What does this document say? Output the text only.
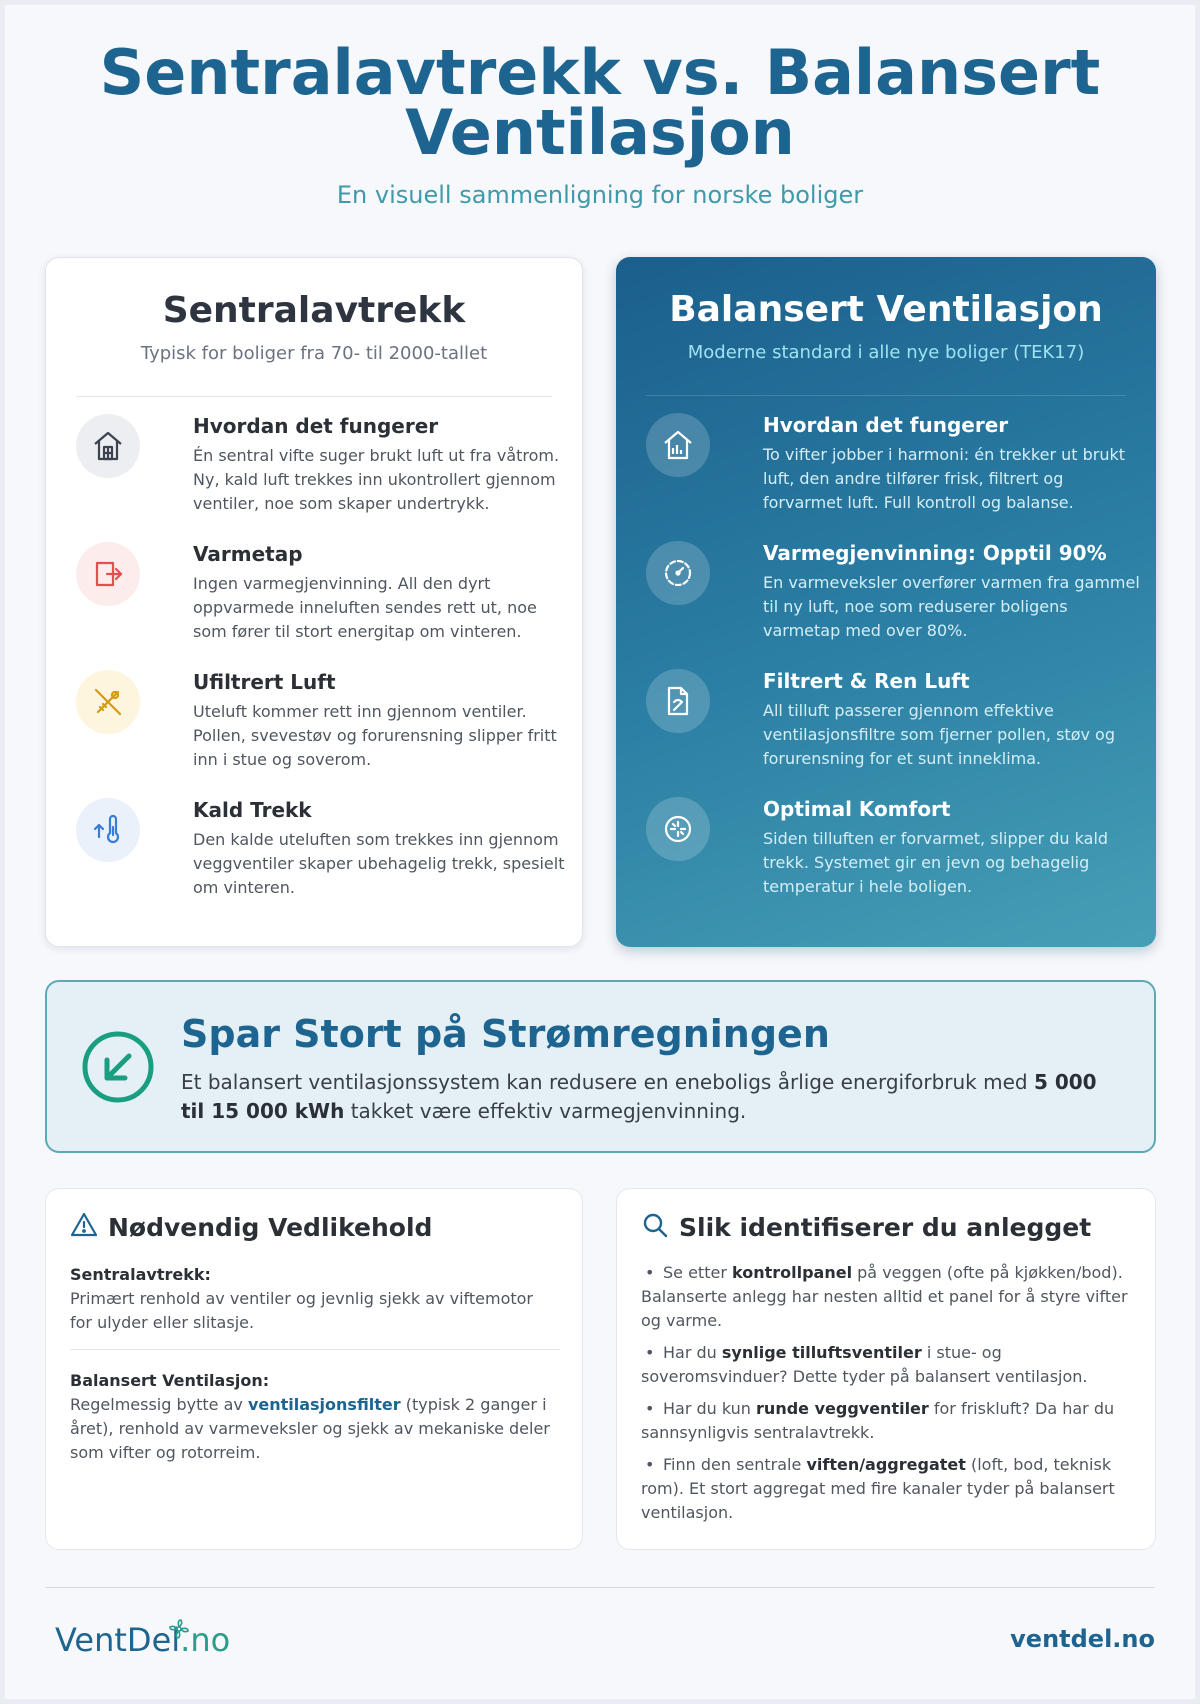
Sentralavtrekk vs. Balansert
Ventilasjon
En visuell sammenligning for norske boliger
Sentralavtrekk
Typisk for boliger fra 70- til 2000-tallet
Hvordan det fungerer
Én sentral vifte suger brukt luft ut fra våtrom. Ny, kald luft trekkes inn ukontrollert gjennom ventiler, noe som skaper undertrykk.
Varmetap
Ingen varmegjenvinning. All den dyrt oppvarmede inneluften sendes rett ut, noe som fører til stort energitap om vinteren.
Ufiltrert Luft
Uteluft kommer rett inn gjennom ventiler. Pollen, svevestøv og forurensning slipper fritt inn i stue og soverom.
Kald Trekk
Den kalde uteluften som trekkes inn gjennom veggventiler skaper ubehagelig trekk, spesielt om vinteren.
Balansert Ventilasjon
Moderne standard i alle nye boliger (TEK17)
Hvordan det fungerer
To vifter jobber i harmoni: én trekker ut brukt luft, den andre tilfører frisk, filtrert og forvarmet luft. Full kontroll og balanse.
Varmegjenvinning: Opptil 90%
En varmeveksler overfører varmen fra gammel til ny luft, noe som reduserer boligens varmetap med over 80%.
Filtrert & Ren Luft
All tilluft passerer gjennom effektive ventilasjonsfiltre som fjerner pollen, støv og forurensning for et sunt inneklima.
Optimal Komfort
Siden tilluften er forvarmet, slipper du kald trekk. Systemet gir en jevn og behagelig temperatur i hele boligen.
Spar Stort på Strømregningen
Et balansert ventilasjonssystem kan redusere en eneboligs årlige energiforbruk med 5 000 til 15 000 kWh takket være effektiv varmegjenvinning.
Nødvendig Vedlikehold
Sentralavtrekk:
Primært renhold av ventiler og jevnlig sjekk av viftemotor for ulyder eller slitasje.
Balansert Ventilasjon:
Regelmessig bytte av ventilasjonsfilter (typisk 2 ganger i året), renhold av varmeveksler og sjekk av mekaniske deler som vifter og rotorreim.
Slik identifiserer du anlegget
• Se etter kontrollpanel på veggen (ofte på kjøkken/bod). Balanserte anlegg har nesten alltid et panel for å styre vifter og varme.
• Har du synlige tilluftsventiler i stue- og soveromsvinduer? Dette tyder på balansert ventilasjon.
• Har du kun runde veggventiler for friskluft? Da har du sannsynligvis sentralavtrekk.
• Finn den sentrale viften/aggregatet (loft, bod, teknisk rom). Et stort aggregat med fire kanaler tyder på balansert ventilasjon.
VentDel.no	ventdel.no
